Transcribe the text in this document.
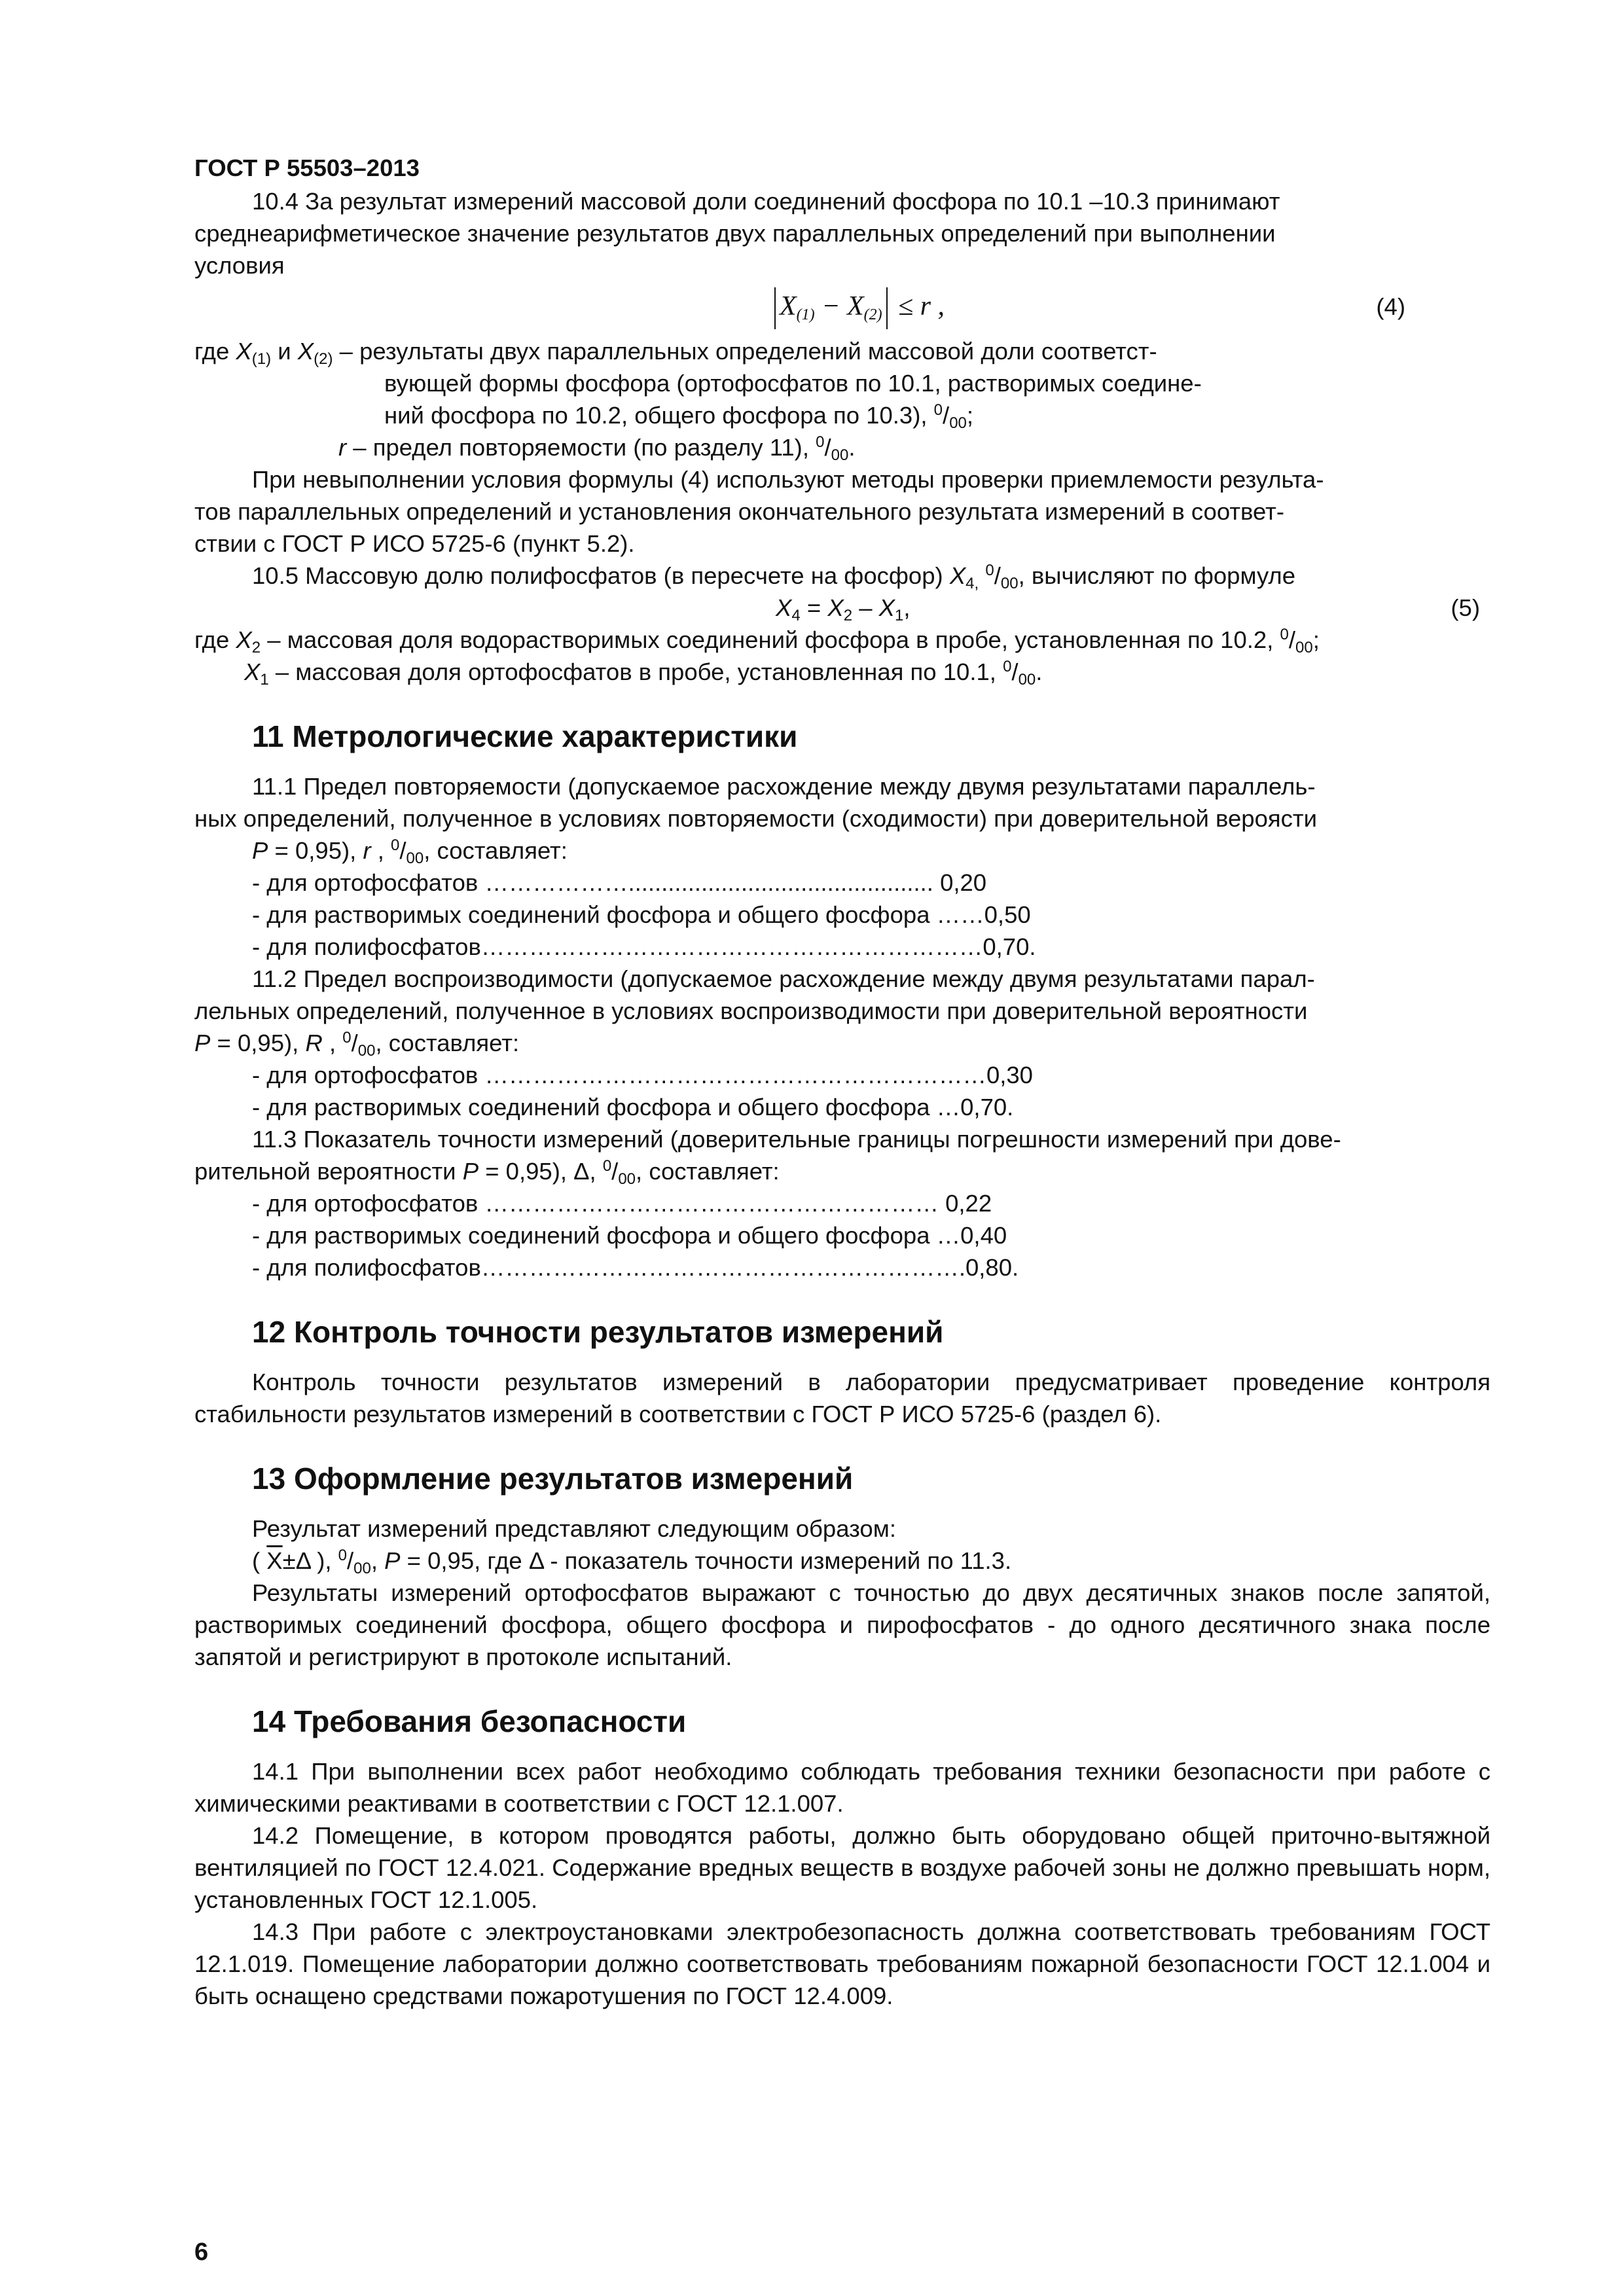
ГОСТ Р 55503–2013

10.4 За результат измерений массовой доли соединений фосфора по 10.1 –10.3 принимают

среднеарифметическое значение результатов двух параллельных определений при выполнении

условия

$X_{(1)} - X_{(2)} \le r$ ,	(4)

где $X_{(1)}$ и $X_{(2)}$ – результаты двух параллельных определений массовой доли соответст-

вующей формы фосфора (ортофосфатов по 10.1, растворимых соедине-

ний фосфора по 10.2, общего фосфора по 10.3), $^0/_{00}$;

r – предел повторяемости (по разделу 11), $^0/_{00}$.

При невыполнении условия формулы (4) используют методы проверки приемлемости результа-

тов параллельных определений и установления окончательного результата измерений в соответ-

ствии с ГОСТ Р ИСО 5725-6 (пункт 5.2).

10.5 Массовую долю полифосфатов (в пересчете на фосфор) $X_{4,}$ $^0/_{00}$, вычисляют по формуле

$X_4 = X_2 - X_1$,	(5)

где $X_2$ – массовая доля водорастворимых соединений фосфора в пробе, установленная по 10.2, $^0/_{00}$;

$X_1$ – массовая доля ортофосфатов в пробе, установленная по 10.1, $^0/_{00}$.

11 Метрологические характеристики

11.1 Предел повторяемости (допускаемое расхождение между двумя результатами параллель-

ных определений, полученное в условиях повторяемости (сходимости) при доверительной вероясти

P = 0,95), r , $^0/_{00}$, составляет:

- для ортофосфатов ……………….............................................. 0,20

- для растворимых соединений фосфора и общего фосфора ……0,50

- для полифосфатов………………………………………………………0,70.

11.2 Предел воспроизводимости (допускаемое расхождение между двумя результатами парал-

лельных определений, полученное в условиях воспроизводимости при доверительной вероятности

P = 0,95), R , $^0/_{00}$, составляет:

- для ортофосфатов ………………………………………………………0,30

- для растворимых соединений фосфора и общего фосфора …0,70.

11.3 Показатель точности измерений (доверительные границы погрешности измерений при дове-

рительной вероятности P = 0,95), Δ, $^0/_{00}$, составляет:

- для ортофосфатов ………………………………………………… 0,22

- для растворимых соединений фосфора и общего фосфора …0,40

- для полифосфатов…………………………………………………….0,80.

12 Контроль точности результатов измерений

Контроль точности результатов измерений в лаборатории предусматривает проведение контроля стабильности результатов измерений в соответствии с ГОСТ Р ИСО 5725-6 (раздел 6).

13 Оформление результатов измерений

Результат измерений представляют следующим образом:

( $\overline{X}\pm\Delta$ ), $^0/_{00}$, P = 0,95, где Δ - показатель точности измерений по 11.3.

Результаты измерений ортофосфатов выражают с точностью до двух десятичных знаков после запятой, растворимых соединений фосфора, общего фосфора и пирофосфатов - до одного десятичного знака после запятой и регистрируют в протоколе испытаний.

14 Требования безопасности

14.1 При выполнении всех работ необходимо соблюдать требования техники безопасности при работе с химическими реактивами в соответствии с ГОСТ 12.1.007.

14.2 Помещение, в котором проводятся работы, должно быть оборудовано общей приточно-вытяжной вентиляцией по ГОСТ 12.4.021. Содержание вредных веществ в воздухе рабочей зоны не должно превышать норм, установленных ГОСТ 12.1.005.

14.3 При работе с электроустановками электробезопасность должна соответствовать требованиям ГОСТ 12.1.019. Помещение лаборатории должно соответствовать требованиям пожарной безопасности ГОСТ 12.1.004 и быть оснащено средствами пожаротушения по ГОСТ 12.4.009.

6
